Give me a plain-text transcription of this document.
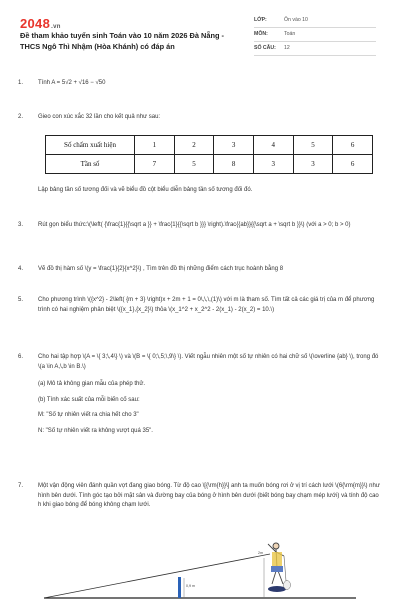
2048.vn
Đề tham khảo tuyển sinh Toán vào 10 năm 2026 Đà Nẵng - THCS Ngô Thì Nhậm (Hòa Khánh) có đáp án
LỚP:	Ôn vào 10
MÔN:	Toán
SỐ CÂU: 12
1. Tính A = 5√2 + √16 − √50
2. Gieo con xúc xắc 32 lần cho kết quả như sau:
Số chấm xuất hiện	1	2	3	4	5	6
Tần số	7	5	8	3	3	6
Lập bảng tần số tương đối và vẽ biểu đồ cột biểu diễn bảng tần số tương đối đó.
3. Rút gọn biểu thức:\(\left( {\frac{1}{{\sqrt a }} + \frac{1}{{\sqrt b }}} \right).\frac{{ab}}{{\sqrt a + \sqrt b }}\) (với a > 0; b > 0)
4. Vẽ đồ thị hàm số \(y = \frac{1}{2}{x^2}\) , Tìm trên đồ thị những điểm cách trục hoành bằng 8
5. Cho phương trình \({x^2} - 2\left( {m + 3} \right)x + 2m + 1 = 0\,\,\,(1)\) với m là tham số. Tìm tất cả các giá trị của m để phương trình có hai nghiệm phân biệt \({x_1},{x_2}\) thỏa \(x_1^2 + x_2^2 - 2(x_1) - 2(x_2) = 10.\)
6. Cho hai tập hợp \(A = \{ 3;\,4\} \) và \(B = \{ 0;\,5;\,9\} \). Viết ngẫu nhiên một số tự nhiên có hai chữ số \(\overline {ab} \), trong đó \(a \in A,\,b \in B.\)
(a) Mô tả không gian mẫu của phép thử.
(b) Tính xác suất của mỗi biến cố sau:
M: "Số tự nhiên viết ra chia hết cho 3"
N: "Số tự nhiên viết ra không vượt quá 35".
7. Một vận động viên đánh quần vợt đang giao bóng. Từ độ cao \[{\rm{h}}\] anh ta muốn bóng rơi ở vị trí cách lưới \(6{\rm{m}}\) như hình bên dưới. Tính góc tạo bởi mặt sân và đường bay của bóng ở hình bên dưới (biết bóng bay chạm mép lưới) và tính độ cao h khi giao bóng để bóng không chạm lưới.
0,9 m
2m
